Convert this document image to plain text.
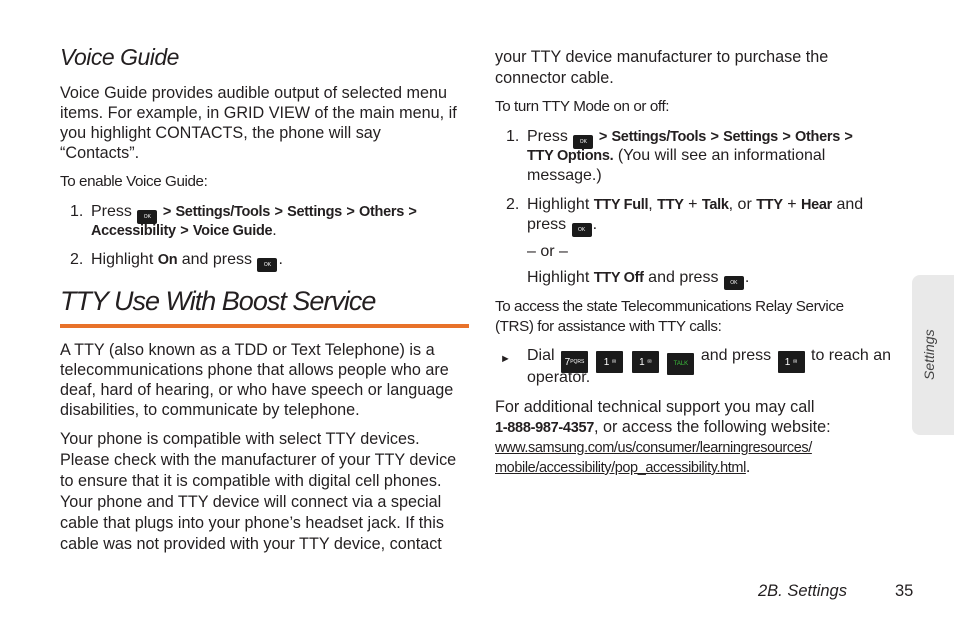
Voice Guide

Voice Guide provides audible output of selected menu

items. For example, in GRID VIEW of the main menu, if

you highlight CONTACTS, the phone will say

“Contacts”.

To enable Voice Guide:

1. Press OK > Settings/Tools > Settings > Others >
Accessibility > Voice Guide.
2. Highlight On and press OK .
TTY Use With Boost Service

A TTY (also known as a TDD or Text Telephone) is a

telecommunications phone that allows people who are

deaf, hard of hearing, or who have speech or language

disabilities, to communicate by telephone.

Your phone is compatible with select TTY devices.

Please check with the manufacturer of your TTY device

to ensure that it is compatible with digital cell phones.

Your phone and TTY device will connect via a special

cable that plugs into your phone’s headset jack. If this

cable was not provided with your TTY device, contact

your TTY device manufacturer to purchase the

connector cable.

To turn TTY Mode on or off:

1. Press OK > Settings/Tools > Settings > Others >
TTY Options. (You will see an informational
message.)
2. Highlight TTY Full, TTY + Talk, or TTY + Hear and
press OK .
– or –
Highlight TTY Off and press OK .

To access the state Telecommunications Relay Service

(TRS) for assistance with TTY calls:

► Dial $7^{PQRS}$ 1 ✉ 1 ✉	TALK and press 1 ✉ to reach an
operator.

For additional technical support you may call

1-888-987-4357, or access the following website:

www.samsung.com/us/consumer/learningresources/

mobile/accessibility/pop_accessibility.html.

Settings
2B. Settings	35
